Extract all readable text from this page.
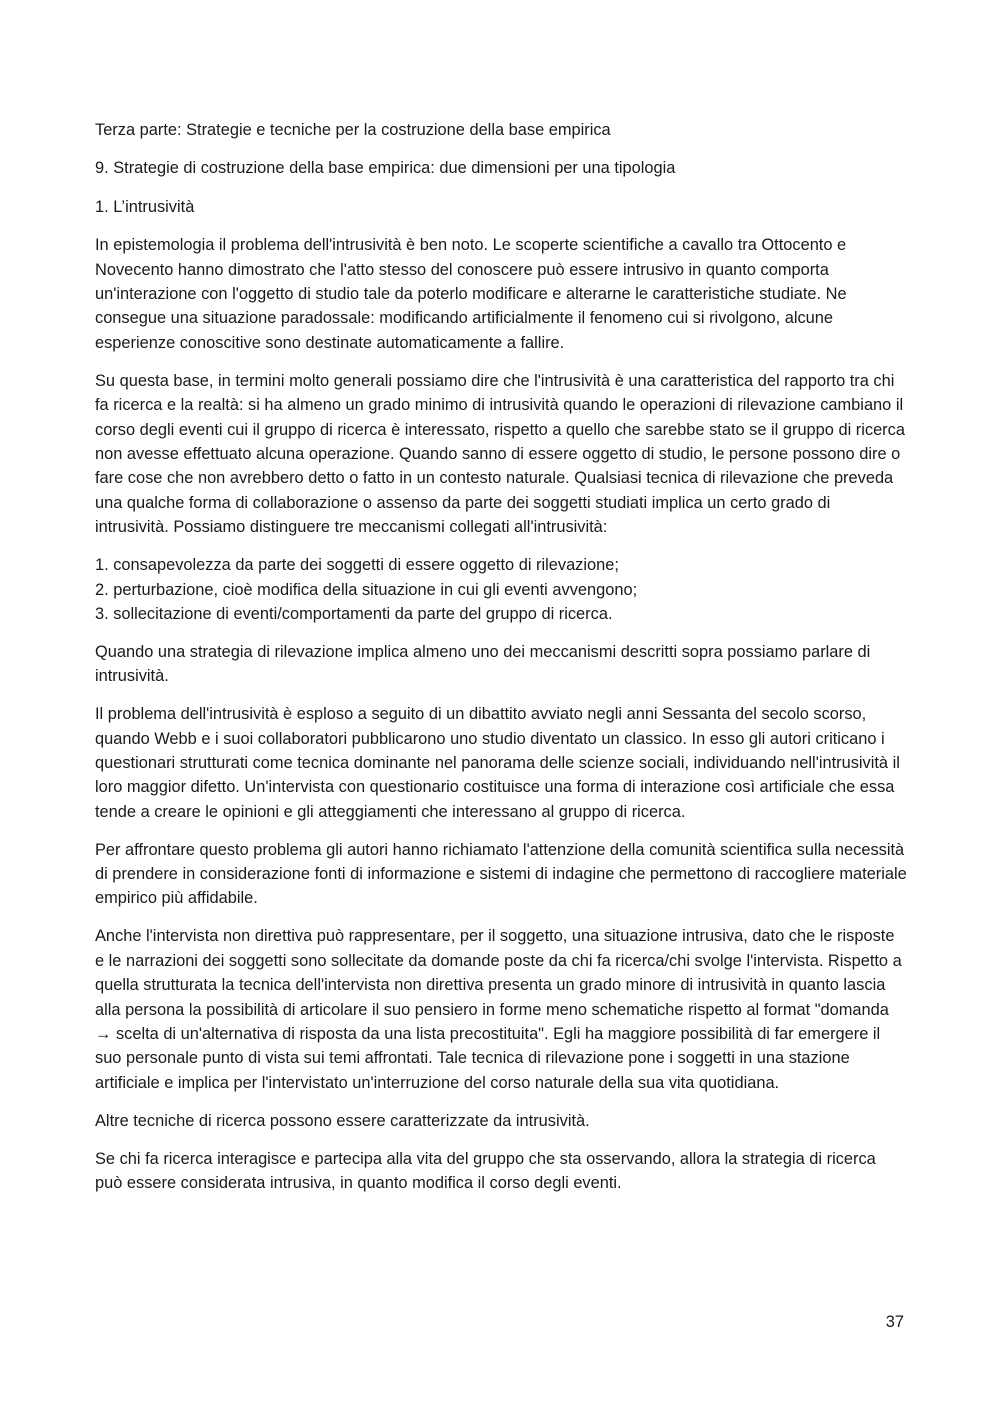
Terza parte: Strategie e tecniche per la costruzione della base empirica

9. Strategie di costruzione della base empirica: due dimensioni per una tipologia

1. L’intrusività

In epistemologia il problema dell'intrusività è ben noto. Le scoperte scientifiche a cavallo tra Ottocento e Novecento hanno dimostrato che l'atto stesso del conoscere può essere intrusivo in quanto comporta un'interazione con l'oggetto di studio tale da poterlo modificare e alterarne le caratteristiche studiate. Ne consegue una situazione paradossale: modificando artificialmente il fenomeno cui si rivolgono, alcune esperienze conoscitive sono destinate automaticamente a fallire.

Su questa base, in termini molto generali possiamo dire che l'intrusività è una caratteristica del rapporto tra chi fa ricerca e la realtà: si ha almeno un grado minimo di intrusività quando le operazioni di rilevazione cambiano il corso degli eventi cui il gruppo di ricerca è interessato, rispetto a quello che sarebbe stato se il gruppo di ricerca non avesse effettuato alcuna operazione. Quando sanno di essere oggetto di studio, le persone possono dire o fare cose che non avrebbero detto o fatto in un contesto naturale. Qualsiasi tecnica di rilevazione che preveda una qualche forma di collaborazione o assenso da parte dei soggetti studiati implica un certo grado di intrusività. Possiamo distinguere tre meccanismi collegati all'intrusività:

1. consapevolezza da parte dei soggetti di essere oggetto di rilevazione;
2. perturbazione, cioè modifica della situazione in cui gli eventi avvengono;
3. sollecitazione di eventi/comportamenti da parte del gruppo di ricerca.

Quando una strategia di rilevazione implica almeno uno dei meccanismi descritti sopra possiamo parlare di intrusività.

Il problema dell'intrusività è esploso a seguito di un dibattito avviato negli anni Sessanta del secolo scorso, quando Webb e i suoi collaboratori pubblicarono uno studio diventato un classico. In esso gli autori criticano i questionari strutturati come tecnica dominante nel panorama delle scienze sociali, individuando nell'intrusività il loro maggior difetto. Un'intervista con questionario costituisce una forma di interazione così artificiale che essa tende a creare le opinioni e gli atteggiamenti che interessano al gruppo di ricerca.

Per affrontare questo problema gli autori hanno richiamato l'attenzione della comunità scientifica sulla necessità di prendere in considerazione fonti di informazione e sistemi di indagine che permettono di raccogliere materiale empirico più affidabile.

Anche l'intervista non direttiva può rappresentare, per il soggetto, una situazione intrusiva, dato che le risposte e le narrazioni dei soggetti sono sollecitate da domande poste da chi fa ricerca/chi svolge l'intervista. Rispetto a quella strutturata la tecnica dell'intervista non direttiva presenta un grado minore di intrusività in quanto lascia alla persona la possibilità di articolare il suo pensiero in forme meno schematiche rispetto al format "domanda → scelta di un'alternativa di risposta da una lista precostituita". Egli ha maggiore possibilità di far emergere il suo personale punto di vista sui temi affrontati. Tale tecnica di rilevazione pone i soggetti in una stazione artificiale e implica per l'intervistato un'interruzione del corso naturale della sua vita quotidiana.

Altre tecniche di ricerca possono essere caratterizzate da intrusività.

Se chi fa ricerca interagisce e partecipa alla vita del gruppo che sta osservando, allora la strategia di ricerca può essere considerata intrusiva, in quanto modifica il corso degli eventi.

37
